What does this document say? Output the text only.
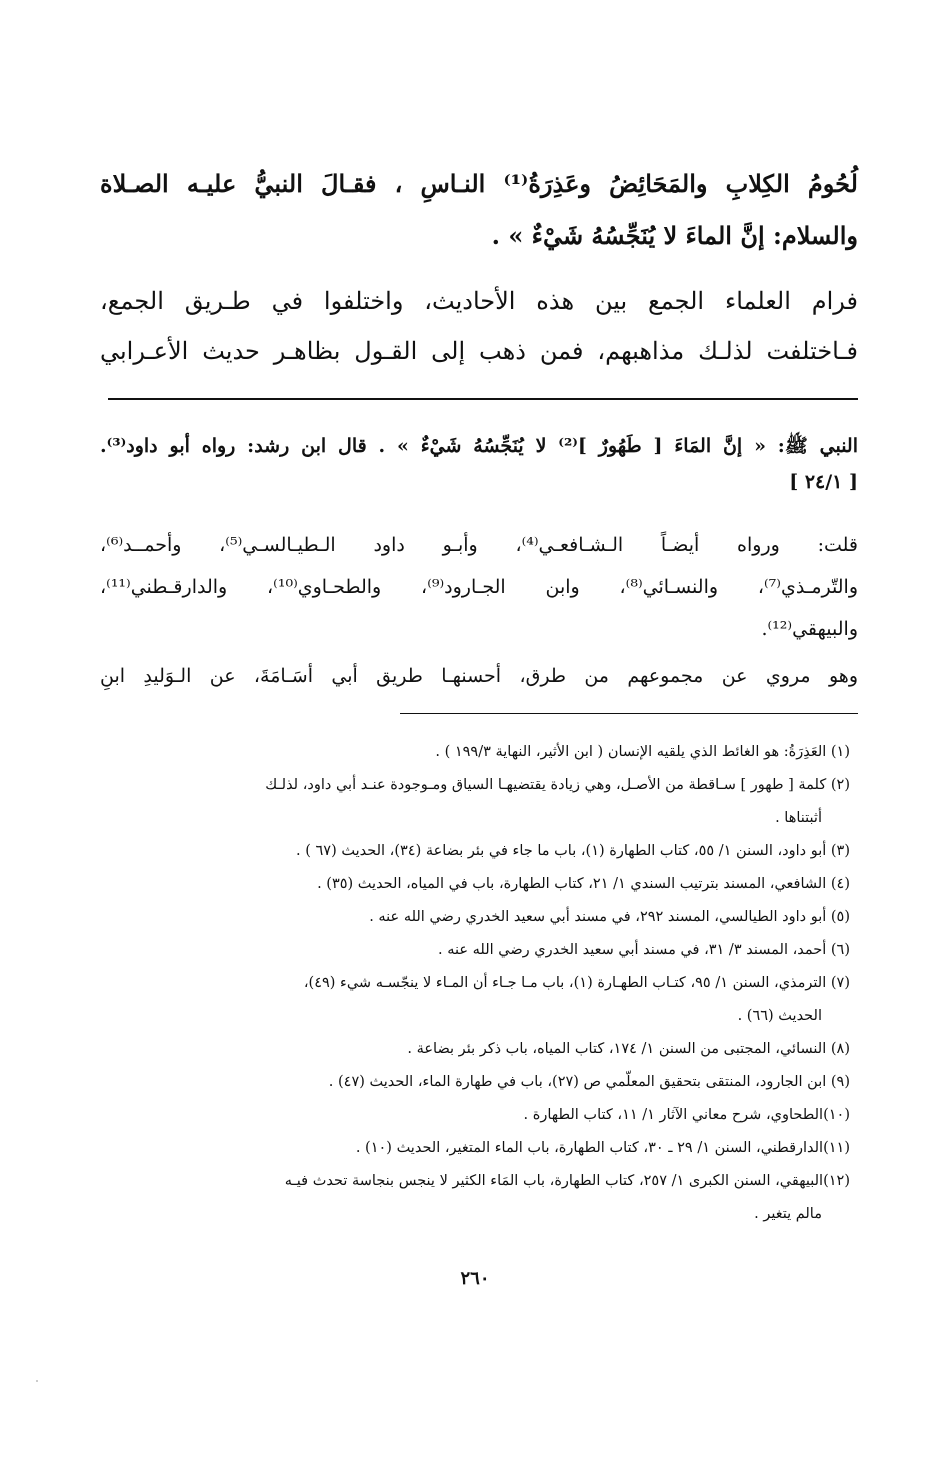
لُحُومُ الكِلابِ والمَحَائِضُ وعَذِرَةُ⁽¹⁾ النـاسِ ، فقـالَ النبيُّ عليـه الصـلاة
والسلام: إنَّ الماءَ لا يُنَجِّسُهُ شَيْءٌ » .
فرام العلماء الجمع بين هذه الأحاديث، واختلفوا في طـريق الجمع،
فـاختلفت لذلـك مذاهبهم، فمن ذهب إلى القـول بظاهـر حديث الأعـرابي
النبي ﷺ: « إنَّ المَاءَ [ طَهُورٌ ]⁽²⁾ لا يُنَجِّسُهُ شَيْءٌ » . قال ابن رشد: رواه أبو داود⁽³⁾.
[ ٢٤/١ ]
قلت: ورواه أيضـاً الـشـافعـي⁽⁴⁾، وأبـو داود الـطيـالسـي⁽⁵⁾، وأحمــد⁽⁶⁾،
والتّرمـذي⁽⁷⁾، والنسـائي⁽⁸⁾، وابن الجـارود⁽⁹⁾، والطحـاوي⁽¹⁰⁾، والدارقـطني⁽¹¹⁾،
والبيهقي⁽¹²⁾.
وهو مروي عن مجموعهم من طرق، أحسنهـا طريق أبي أسَـامَةَ، عن الـوَليدِ ابنِ
(١) العَذِرَةُ: هو الغائط الذي يلقيه الإنسان ( ابن الأثير، النهاية ١٩٩/٣ ) .
(٢) كلمة [ طهور ] سـاقطة من الأصـل، وهي زيادة يقتضيهـا السياق ومـوجودة عنـد أبي داود، لذلـك
أثبتناها .
(٣) أبو داود، السنن ١/ ٥٥، كتاب الطهارة (١)، باب ما جاء في بئر بضاعة (٣٤)، الحديث (٦٧ ) .
(٤) الشافعي، المسند بترتيب السندي ١/ ٢١، كتاب الطهارة، باب في المياه، الحديث (٣٥) .
(٥) أبو داود الطيالسي، المسند ٢٩٢، في مسند أبي سعيد الخدري رضي الله عنه .
(٦) أحمد، المسند ٣/ ٣١، في مسند أبي سعيد الخدري رضي الله عنه .
(٧) الترمذي، السنن ١/ ٩٥، كتـاب الطهـارة (١)، باب مـا جـاء أن المـاء لا ينجّسـه شيء (٤٩)،
الحديث (٦٦) .
(٨) النسائي، المجتبى من السنن ١/ ١٧٤، كتاب المياه، باب ذكر بئر بضاعة .
(٩) ابن الجارود، المنتقى بتحقيق المعلّمي ص (٢٧)، باب في طهارة الماء، الحديث (٤٧) .
(١٠)الطحاوي، شرح معاني الآثار ١/ ١١، كتاب الطهارة .
(١١)الدارقطني، السنن ١/ ٢٩ ـ ٣٠، كتاب الطهارة، باب الماء المتغير، الحديث (١٠) .
(١٢)البيهقي، السنن الكبرى ١/ ٢٥٧، كتاب الطهارة، باب المَاء الكثير لا ينجس بنجاسة تحدث فيـه
مالم يتغير .
٢٦٠
